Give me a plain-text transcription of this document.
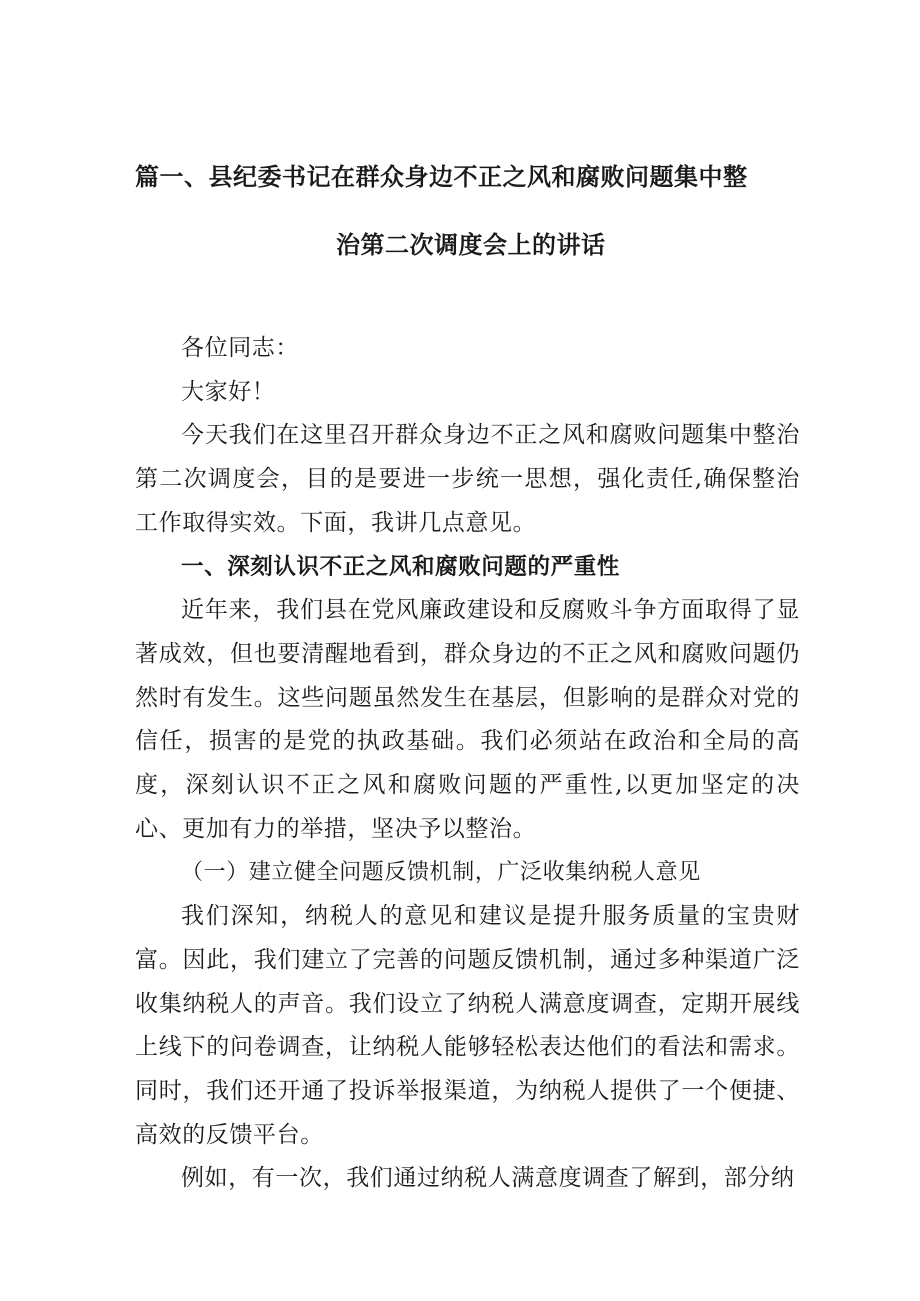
篇一、县纪委书记在群众身边不正之风和腐败问题集中整
治第二次调度会上的讲话

各位同志：

大家好！

今天我们在这里召开群众身边不正之风和腐败问题集中整治第二次调度会，目的是要进一步统一思想，强化责任,确保整治工作取得实效。下面，我讲几点意见。

一、深刻认识不正之风和腐败问题的严重性

近年来，我们县在党风廉政建设和反腐败斗争方面取得了显著成效，但也要清醒地看到，群众身边的不正之风和腐败问题仍然时有发生。这些问题虽然发生在基层，但影响的是群众对党的信任，损害的是党的执政基础。我们必须站在政治和全局的高度，深刻认识不正之风和腐败问题的严重性,以更加坚定的决心、更加有力的举措，坚决予以整治。

（一）建立健全问题反馈机制，广泛收集纳税人意见

我们深知，纳税人的意见和建议是提升服务质量的宝贵财富。因此，我们建立了完善的问题反馈机制，通过多种渠道广泛收集纳税人的声音。我们设立了纳税人满意度调查，定期开展线上线下的问卷调查，让纳税人能够轻松表达他们的看法和需求。同时，我们还开通了投诉举报渠道，为纳税人提供了一个便捷、高效的反馈平台。

例如，有一次，我们通过纳税人满意度调查了解到，部分纳
